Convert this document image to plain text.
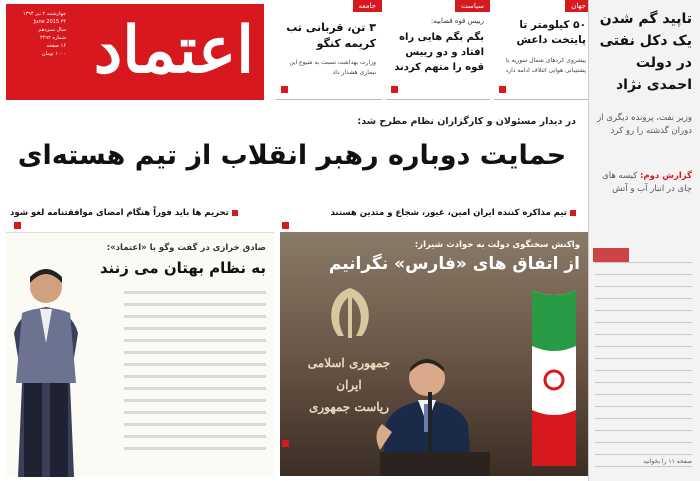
چهارشنبه ۲ تیر ۱۳۹۴
۲۴ June 2015
سال سیزدهم
شماره ۳۲۹۲
۱۶ صفحه
۱۰۰۰ تومان اعتماد
جهان
۵۰ کیلومتر تا پایتخت داعش
پیشروی کردهای شمال سوریه با پشتیبانی هوایی ائتلاف ادامه دارد
سیاست
رییس قوه قضاییه:
بگم بگم هایی راه افتاد و دو رییس قوه را متهم کردند
جامعه
۳ تن، قربانی تب کریمه کنگو
وزارت بهداشت نسبت به شیوع این بیماری هشدار داد
تاپید گم شدن یک دکل نفتی در دولت احمدی نژاد
وزیر نفت، پرونده دیگری از دوران گذشته را رو کرد
گزارش دوم: کیسه های چای در انبار آب و آتش
در دیدار مسئولان و کارگزاران نظام مطرح شد:
حمایت دوباره رهبر انقلاب از تیم هسته‌ای
تیم مذاکره کننده ایران امین، غیور، شجاع و متدین هستند
تحریم ها باید فوراً هنگام امضای موافقتنامه لغو شود
جمهوری اسلامی ایران
ریاست جمهوری
واکنش سخنگوی دولت به حوادث شیراز:
از اتفاق های «فارس» نگرانیم
صادق خرازی در گفت وگو با «اعتماد»:
به نظام بهتان می زنند
صفحه ۱۱ را بخوانید
